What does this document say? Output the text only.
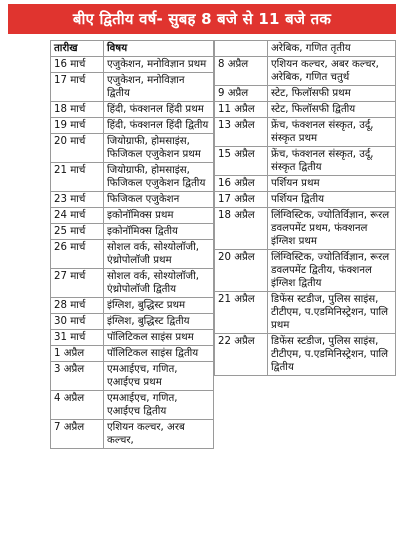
बीए द्वितीय वर्ष- सुबह 8 बजे से 11 बजे तक
तारीख	विषय
16 मार्च	एजुकेशन, मनोविज्ञान प्रथम
17 मार्च	एजुकेशन, मनोविज्ञान द्वितीय
18 मार्च	हिंदी, फंक्शनल हिंदी प्रथम
19 मार्च	हिंदी, फंक्शनल हिंदी द्वितीय
20 मार्च	जियोग्राफी, होमसाइंस, फिजिकल एजुकेशन प्रथम
21 मार्च	जियोग्राफी, होमसाइंस, फिजिकल एजुकेशन द्वितीय
23 मार्च	फिजिकल एजुकेशन
24 मार्च	इकोनॉमिक्स प्रथम
25 मार्च	इकोनॉमिक्स द्वितीय
26 मार्च	सोशल वर्क, सोश्योलॉजी, एंथ्रोपोलॉजी प्रथम
27 मार्च	सोशल वर्क, सोश्योलॉजी, एंथ्रोपोलॉजी द्वितीय
28 मार्च	इंग्लिश, बुद्धिस्ट प्रथम
30 मार्च	इंग्लिश, बुद्धिस्ट द्वितीय
31 मार्च	पॉलिटिकल साइंस प्रथम
1 अप्रैल	पॉलिटिकल साइंस द्वितीय
3 अप्रैल	एमआईएच, गणित, एआईएच प्रथम
4 अप्रैल	एमआईएच, गणित, एआईएच द्वितीय
7 अप्रैल	एशियन कल्चर, अरब कल्चर,
	अरेबिक, गणित तृतीय
8 अप्रैल	एशियन कल्चर, अबर कल्चर, अरेबिक, गणित चतुर्थ
9 अप्रैल	स्टेट, फिलॉसफी प्रथम
11 अप्रैल	स्टेट, फिलॉसफी द्वितीय
13 अप्रैल	फ्रेंच, फंक्शनल संस्कृत, उर्दू, संस्कृत प्रथम
15 अप्रैल	फ्रेंच, फंक्शनल संस्कृत, उर्दू, संस्कृत द्वितीय
16 अप्रैल	पर्शियन प्रथम
17 अप्रैल	पर्शियन द्वितीय
18 अप्रैल	लिंग्विस्टिक, ज्योतिर्विज्ञान, रूरल डवलपमेंट प्रथम, फंक्शनल इंग्लिश प्रथम
20 अप्रैल	लिंग्विस्टिक, ज्योतिर्विज्ञान, रूरल डवलपमेंट द्वितीय, फंक्शनल इंग्लिश द्वितीय
21 अप्रैल	डिफेंस स्टडीज, पुलिस साइंस, टीटीएम, प.एडमिनिस्ट्रेशन, पालि प्रथम
22 अप्रैल	डिफेंस स्टडीज, पुलिस साइंस, टीटीएम, प.एडमिनिस्ट्रेशन, पालि द्वितीय
